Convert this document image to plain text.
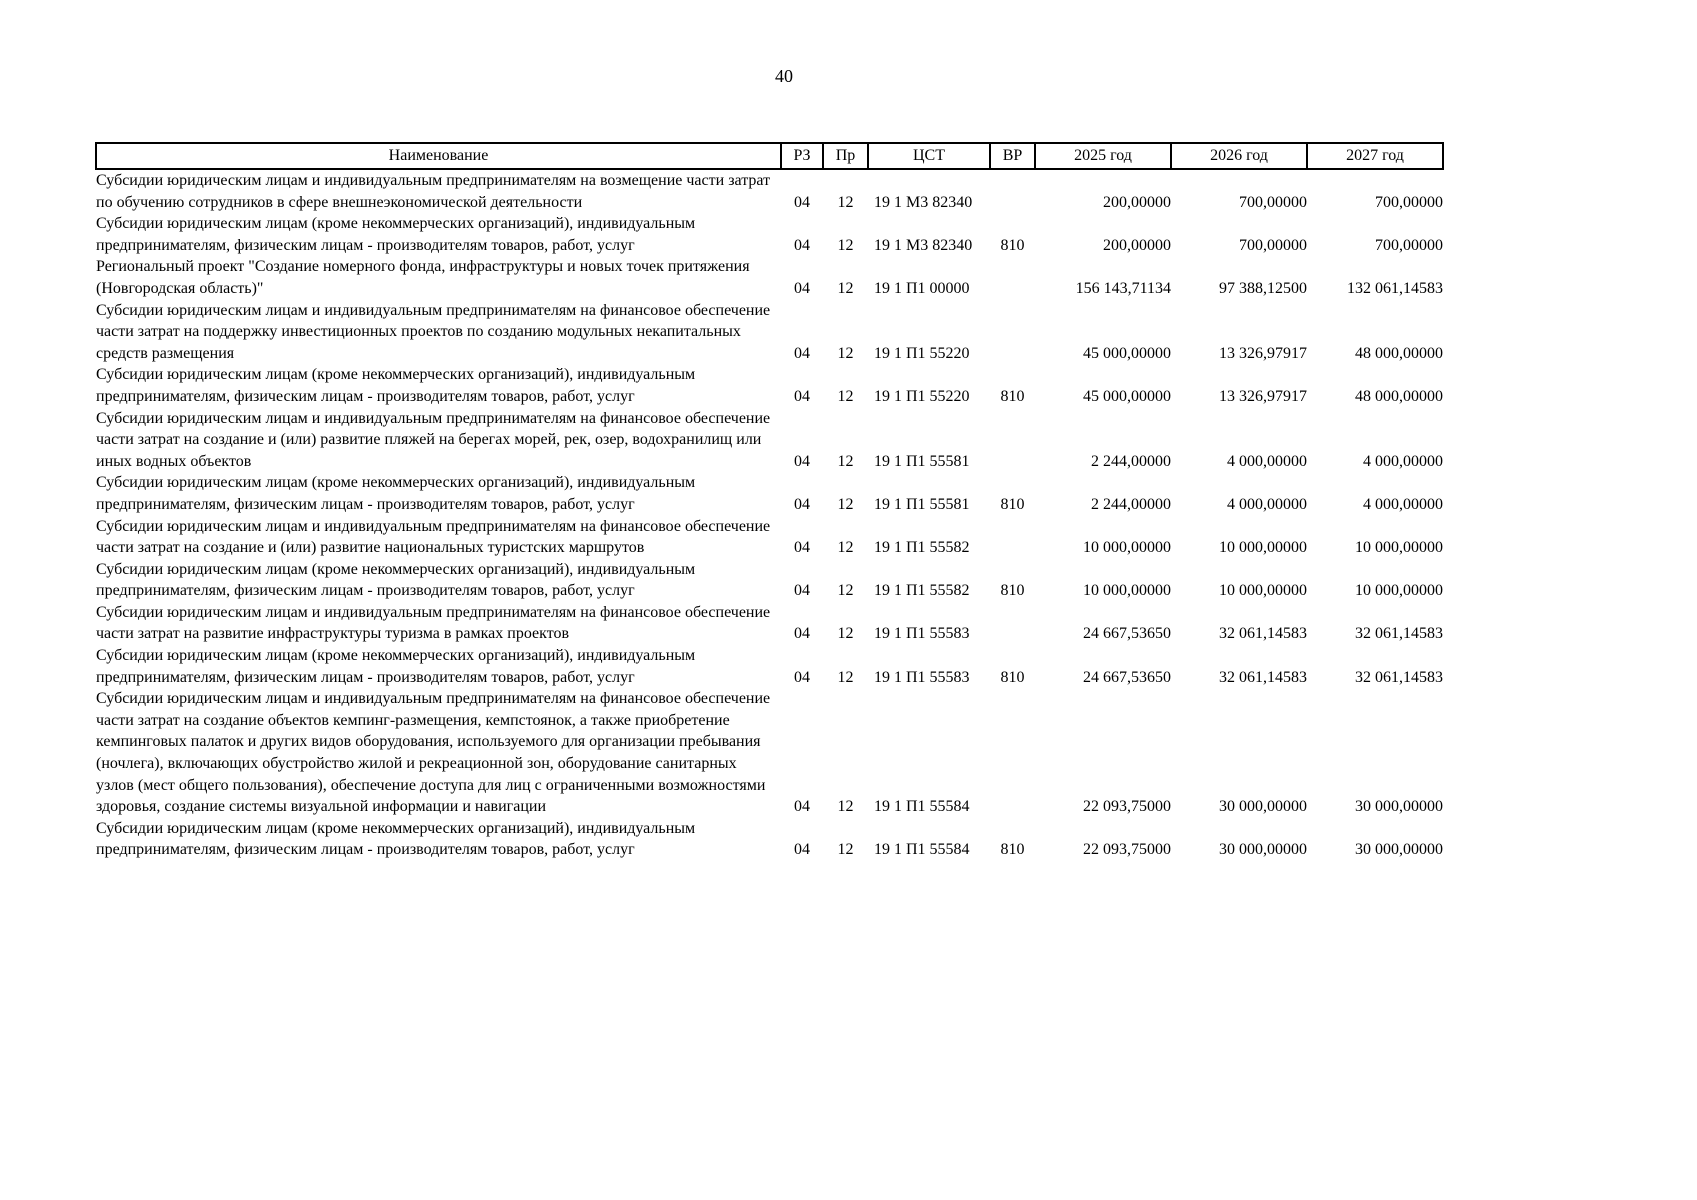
40
Наименование	РЗ	Пр	ЦСТ	ВР	2025 год	2026 год	2027 год
Субсидии юридическим лицам и индивидуальным предпринимателям на возмещение части затрат по обучению сотрудников в сфере внешнеэкономической деятельности	04	12	19 1 М3 82340		200,00000	700,00000	700,00000
Субсидии юридическим лицам (кроме некоммерческих организаций), индивидуальным предпринимателям, физическим лицам - производителям товаров, работ, услуг	04	12	19 1 М3 82340	810	200,00000	700,00000	700,00000
Региональный проект "Создание номерного фонда, инфраструктуры и новых точек притяжения (Новгородская область)"	04	12	19 1 П1 00000		156 143,71134	97 388,12500	132 061,14583
Субсидии юридическим лицам и индивидуальным предпринимателям на финансовое обеспечение части затрат на поддержку инвестиционных проектов по созданию модульных некапитальных средств размещения	04	12	19 1 П1 55220		45 000,00000	13 326,97917	48 000,00000
Субсидии юридическим лицам (кроме некоммерческих организаций), индивидуальным предпринимателям, физическим лицам - производителям товаров, работ, услуг	04	12	19 1 П1 55220	810	45 000,00000	13 326,97917	48 000,00000
Субсидии юридическим лицам и индивидуальным предпринимателям на финансовое обеспечение части затрат на создание и (или) развитие пляжей на берегах морей, рек, озер, водохранилищ или иных водных объектов	04	12	19 1 П1 55581		2 244,00000	4 000,00000	4 000,00000
Субсидии юридическим лицам (кроме некоммерческих организаций), индивидуальным предпринимателям, физическим лицам - производителям товаров, работ, услуг	04	12	19 1 П1 55581	810	2 244,00000	4 000,00000	4 000,00000
Субсидии юридическим лицам и индивидуальным предпринимателям на финансовое обеспечение части затрат на создание и (или) развитие национальных туристских маршрутов	04	12	19 1 П1 55582		10 000,00000	10 000,00000	10 000,00000
Субсидии юридическим лицам (кроме некоммерческих организаций), индивидуальным предпринимателям, физическим лицам - производителям товаров, работ, услуг	04	12	19 1 П1 55582	810	10 000,00000	10 000,00000	10 000,00000
Субсидии юридическим лицам и индивидуальным предпринимателям на финансовое обеспечение части затрат на развитие инфраструктуры туризма в рамках проектов	04	12	19 1 П1 55583		24 667,53650	32 061,14583	32 061,14583
Субсидии юридическим лицам (кроме некоммерческих организаций), индивидуальным предпринимателям, физическим лицам - производителям товаров, работ, услуг	04	12	19 1 П1 55583	810	24 667,53650	32 061,14583	32 061,14583
Субсидии юридическим лицам и индивидуальным предпринимателям на финансовое обеспечение части затрат на создание объектов кемпинг-размещения, кемпстоянок, а также приобретение кемпинговых палаток и других видов оборудования, используемого для организации пребывания (ночлега), включающих обустройство жилой и рекреационной зон, оборудование санитарных узлов (мест общего пользования), обеспечение доступа для лиц с ограниченными возможностями здоровья, создание системы визуальной информации и навигации	04	12	19 1 П1 55584		22 093,75000	30 000,00000	30 000,00000
Субсидии юридическим лицам (кроме некоммерческих организаций), индивидуальным предпринимателям, физическим лицам - производителям товаров, работ, услуг	04	12	19 1 П1 55584	810	22 093,75000	30 000,00000	30 000,00000
